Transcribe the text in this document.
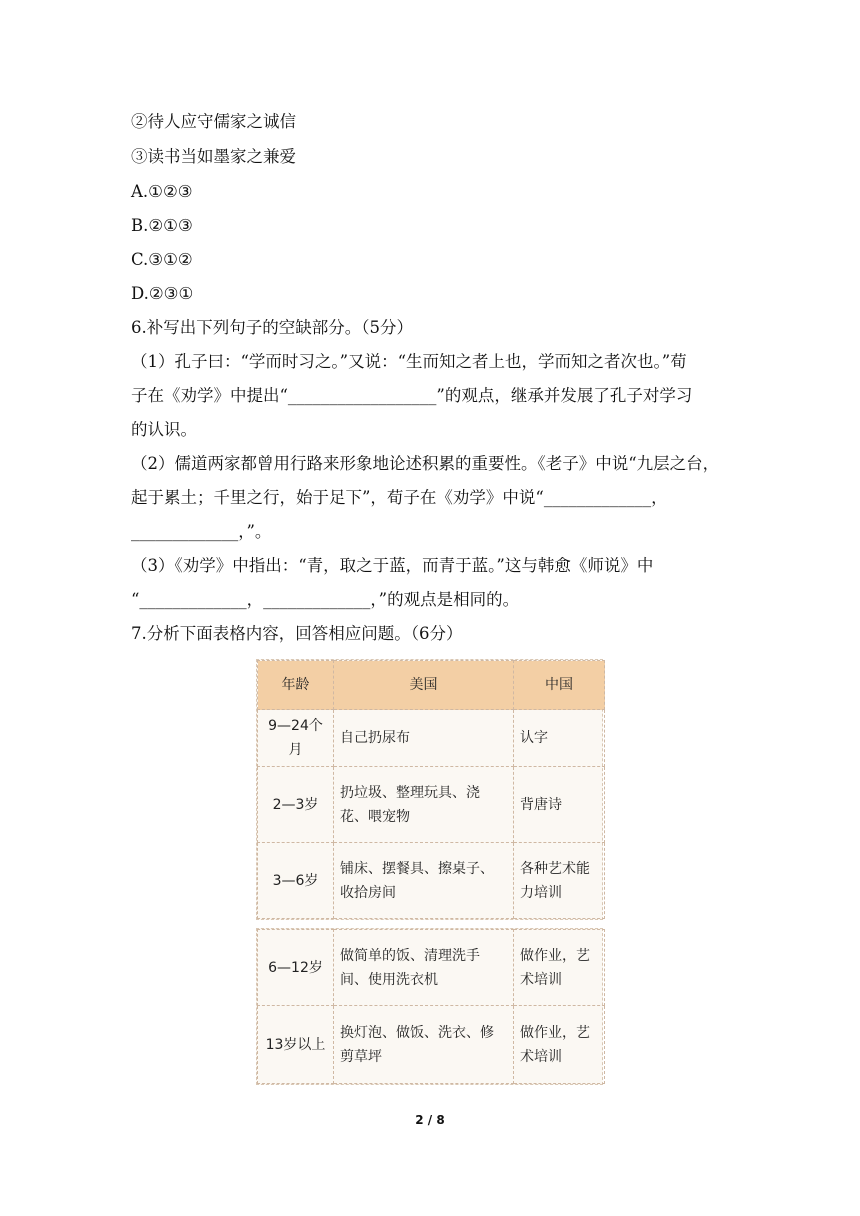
②待人应守儒家之诚信
③读书当如墨家之兼爱
A.①②③
B.②①③
C.③①②
D.②③①
6.补写出下列句子的空缺部分。（5分）
（1）孔子曰：“学而时习之。”又说：“生而知之者上也，学而知之者次也。”荀
子在《劝学》中提出“__________________”的观点，继承并发展了孔子对学习
的认识。
（2）儒道两家都曾用行路来形象地论述积累的重要性。《老子》中说“九层之台，
起于累土；千里之行，始于足下”，荀子在《劝学》中说“_____________，
_____________，”。
（3）《劝学》中指出：“青，取之于蓝，而青于蓝。”这与韩愈《师说》中
“_____________，_____________，”的观点是相同的。
7.分析下面表格内容，回答相应问题。（6分）
年龄	美国	中国
9—24个月	自己扔尿布	认字
2—3岁	扔垃圾、整理玩具、浇花、喂宠物	背唐诗
3—6岁	铺床、摆餐具、擦桌子、收拾房间	各种艺术能力培训
6—12岁	做简单的饭、清理洗手间、使用洗衣机	做作业，艺术培训
13岁以上	换灯泡、做饭、洗衣、修剪草坪	做作业，艺术培训
2 / 8
